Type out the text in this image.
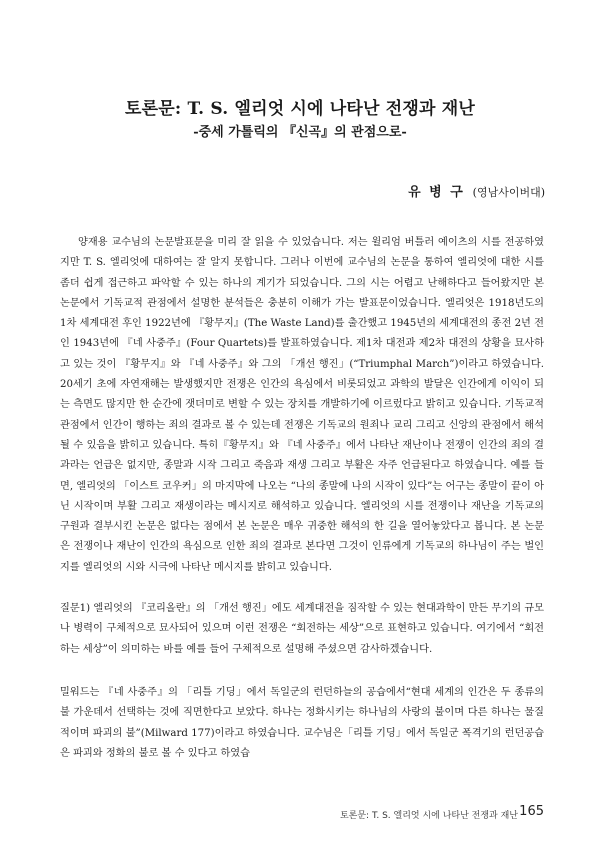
토론문: T. S. 엘리엇 시에 나타난 전쟁과 재난
-중세 가톨릭의 『신곡』의 관점으로-
유 병 구 (영남사이버대)

양재용 교수님의 논문발표문을 미리 잘 읽을 수 있었습니다. 저는 윌리엄 버틀러 예이츠의 시를 전공하였지만 T. S. 엘리엇에 대하여는 잘 알지 못합니다. 그러나 이번에 교수님의 논문을 통하여 엘리엇에 대한 시를 좀더 쉽게 접근하고 파악할 수 있는 하나의 계기가 되었습니다. 그의 시는 어렵고 난해하다고 들어왔지만 본 논문에서 기독교적 관점에서 설명한 분석들은 충분히 이해가 가는 발표문이었습니다. 엘리엇은 1918년도의 1차 세계대전 후인 1922년에 『황무지』(The Waste Land)를 출간했고 1945년의 세계대전의 종전 2년 전인 1943년에 『네 사중주』(Four Quartets)를 발표하였습니다. 제1차 대전과 제2차 대전의 상황을 묘사하고 있는 것이 『황무지』와 『네 사중주』와 그의 「개선 행진」(“Triumphal March”)이라고 하였습니다. 20세기 초에 자연재해는 발생했지만 전쟁은 인간의 욕심에서 비롯되었고 과학의 발달은 인간에게 이익이 되는 측면도 많지만 한 순간에 잿더미로 변할 수 있는 장치를 개발하기에 이르렀다고 밝히고 있습니다. 기독교적 관점에서 인간이 행하는 죄의 결과로 볼 수 있는데 전쟁은 기독교의 원죄나 교리 그리고 신앙의 관점에서 해석될 수 있음을 밝히고 있습니다. 특히『황무지』와 『네 사중주』에서 나타난 재난이나 전쟁이 인간의 죄의 결과라는 언급은 없지만, 종말과 시작 그리고 죽음과 재생 그리고 부활은 자주 언급된다고 하였습니다. 예를 들면, 엘리엇의 「이스트 코우커」의 마지막에 나오는 “나의 종말에 나의 시작이 있다”는 어구는 종말이 끝이 아닌 시작이며 부활 그리고 재생이라는 메시지로 해석하고 있습니다. 엘리엇의 시를 전쟁이나 재난을 기독교의 구원과 결부시킨 논문은 없다는 점에서 본 논문은 매우 귀중한 해석의 한 길을 열어놓았다고 봅니다. 본 논문은 전쟁이나 재난이 인간의 욕심으로 인한 죄의 결과로 본다면 그것이 인류에게 기독교의 하나님이 주는 벌인지를 엘리엇의 시와 시극에 나타난 메시지를 밝히고 있습니다.

질문1) 엘리엇의 『코리올란』의 「개선 행진」에도 세계대전을 짐작할 수 있는 현대과학이 만든 무기의 규모나 병력이 구체적으로 묘사되어 있으며 이런 전쟁은 “회전하는 세상”으로 표현하고 있습니다. 여기에서 “회전하는 세상”이 의미하는 바를 예를 들어 구체적으로 설명해 주셨으면 감사하겠습니다.

밀워드는 『네 사중주』의 「리틀 기딩」에서 독일군의 런던하늘의 공습에서“현대 세계의 인간은 두 종류의 불 가운데서 선택하는 것에 직면한다고 보았다. 하나는 정화시키는 하나님의 사랑의 불이며 다른 하나는 물질적이며 파괴의 불”(Milward 177)이라고 하였습니다. 교수님은「리틀 기딩」에서 독일군 폭격기의 런던공습은 파괴와 정화의 불로 볼 수 있다고 하였습

토론문: T. S. 엘리엇 시에 나타난 전쟁과 재난 165
